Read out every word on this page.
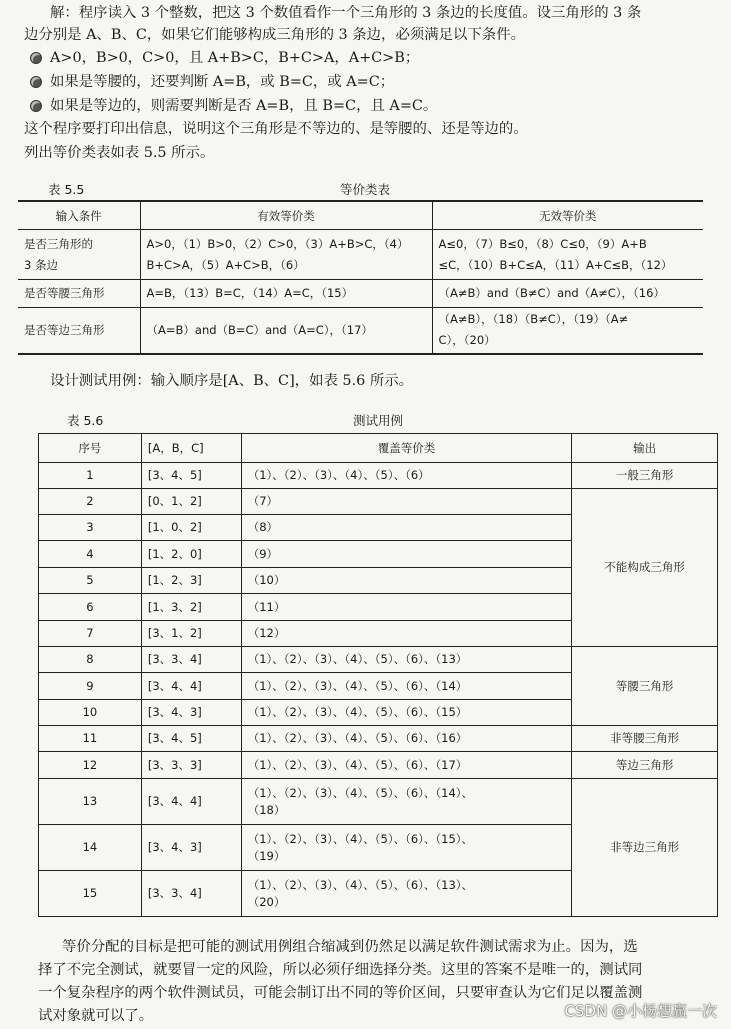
解：程序读入 3 个整数，把这 3 个数值看作一个三角形的 3 条边的长度值。设三角形的 3 条

边分别是 A、B、C，如果它们能够构成三角形的 3 条边，必须满足以下条件。

A>0，B>0，C>0，且 A+B>C，B+C>A，A+C>B；
如果是等腰的，还要判断 A=B，或 B=C，或 A=C；
如果是等边的，则需要判断是否 A=B，且 B=C，且 A=C。

这个程序要打印出信息，说明这个三角形是不等边的、是等腰的、还是等边的。

列出等价类表如表 5.5 所示。

表 5.5	等价类表
输入条件	有效等价类	无效等价类
是否三角形的
3 条边	A>0，（1）B>0，（2）C>0，（3）A+B>C，（4）
B+C>A，（5）A+C>B，（6）	A≤0，（7）B≤0，（8）C≤0，（9）A+B
≤C，（10）B+C≤A，（11）A+C≤B，（12）
是否等腰三角形	A=B，（13）B=C，（14）A=C，（15）	（A≠B）and（B≠C）and（A≠C），（16）
是否等边三角形	（A=B）and（B=C）and（A=C），（17）	（A≠B），（18）（B≠C），（19）（A≠
C），（20）

设计测试用例：输入顺序是[A、B、C]，如表 5.6 所示。

表 5.6	测试用例
序号	[A，B，C]	覆盖等价类	输出
1	[3、4、5]	（1）、（2）、（3）、（4）、（5）、（6）	一般三角形
2	[0、1、2]	（7）	不能构成三角形
3	[1、0、2]	（8）	
4	[1、2、0]	（9）	
5	[1、2、3]	（10）	
6	[1、3、2]	（11）	
7	[3、1、2]	（12）	
8	[3、3、4]	（1）、（2）、（3）、（4）、（5）、（6）、（13）	等腰三角形
9	[3、4、4]	（1）、（2）、（3）、（4）、（5）、（6）、（14）	
10	[3、4、3]	（1）、（2）、（3）、（4）、（5）、（6）、（15）	
11	[3、4、5]	（1）、（2）、（3）、（4）、（5）、（6）、（16）	非等腰三角形
12	[3、3、3]	（1）、（2）、（3）、（4）、（5）、（6）、（17）	等边三角形
13	[3、4、4]	（1）、（2）、（3）、（4）、（5）、（6）、（14）、
（18）	非等边三角形
14	[3、4、3]	（1）、（2）、（3）、（4）、（5）、（6）、（15）、
（19）	
15	[3、3、4]	（1）、（2）、（3）、（4）、（5）、（6）、（13）、
（20）	

等价分配的目标是把可能的测试用例组合缩减到仍然足以满足软件测试需求为止。因为，选

择了不完全测试，就要冒一定的风险，所以必须仔细选择分类。这里的答案不是唯一的，测试同

一个复杂程序的两个软件测试员，可能会制订出不同的等价区间，只要审查认为它们足以覆盖测

试对象就可以了。	CSDN @小杨想赢一次
